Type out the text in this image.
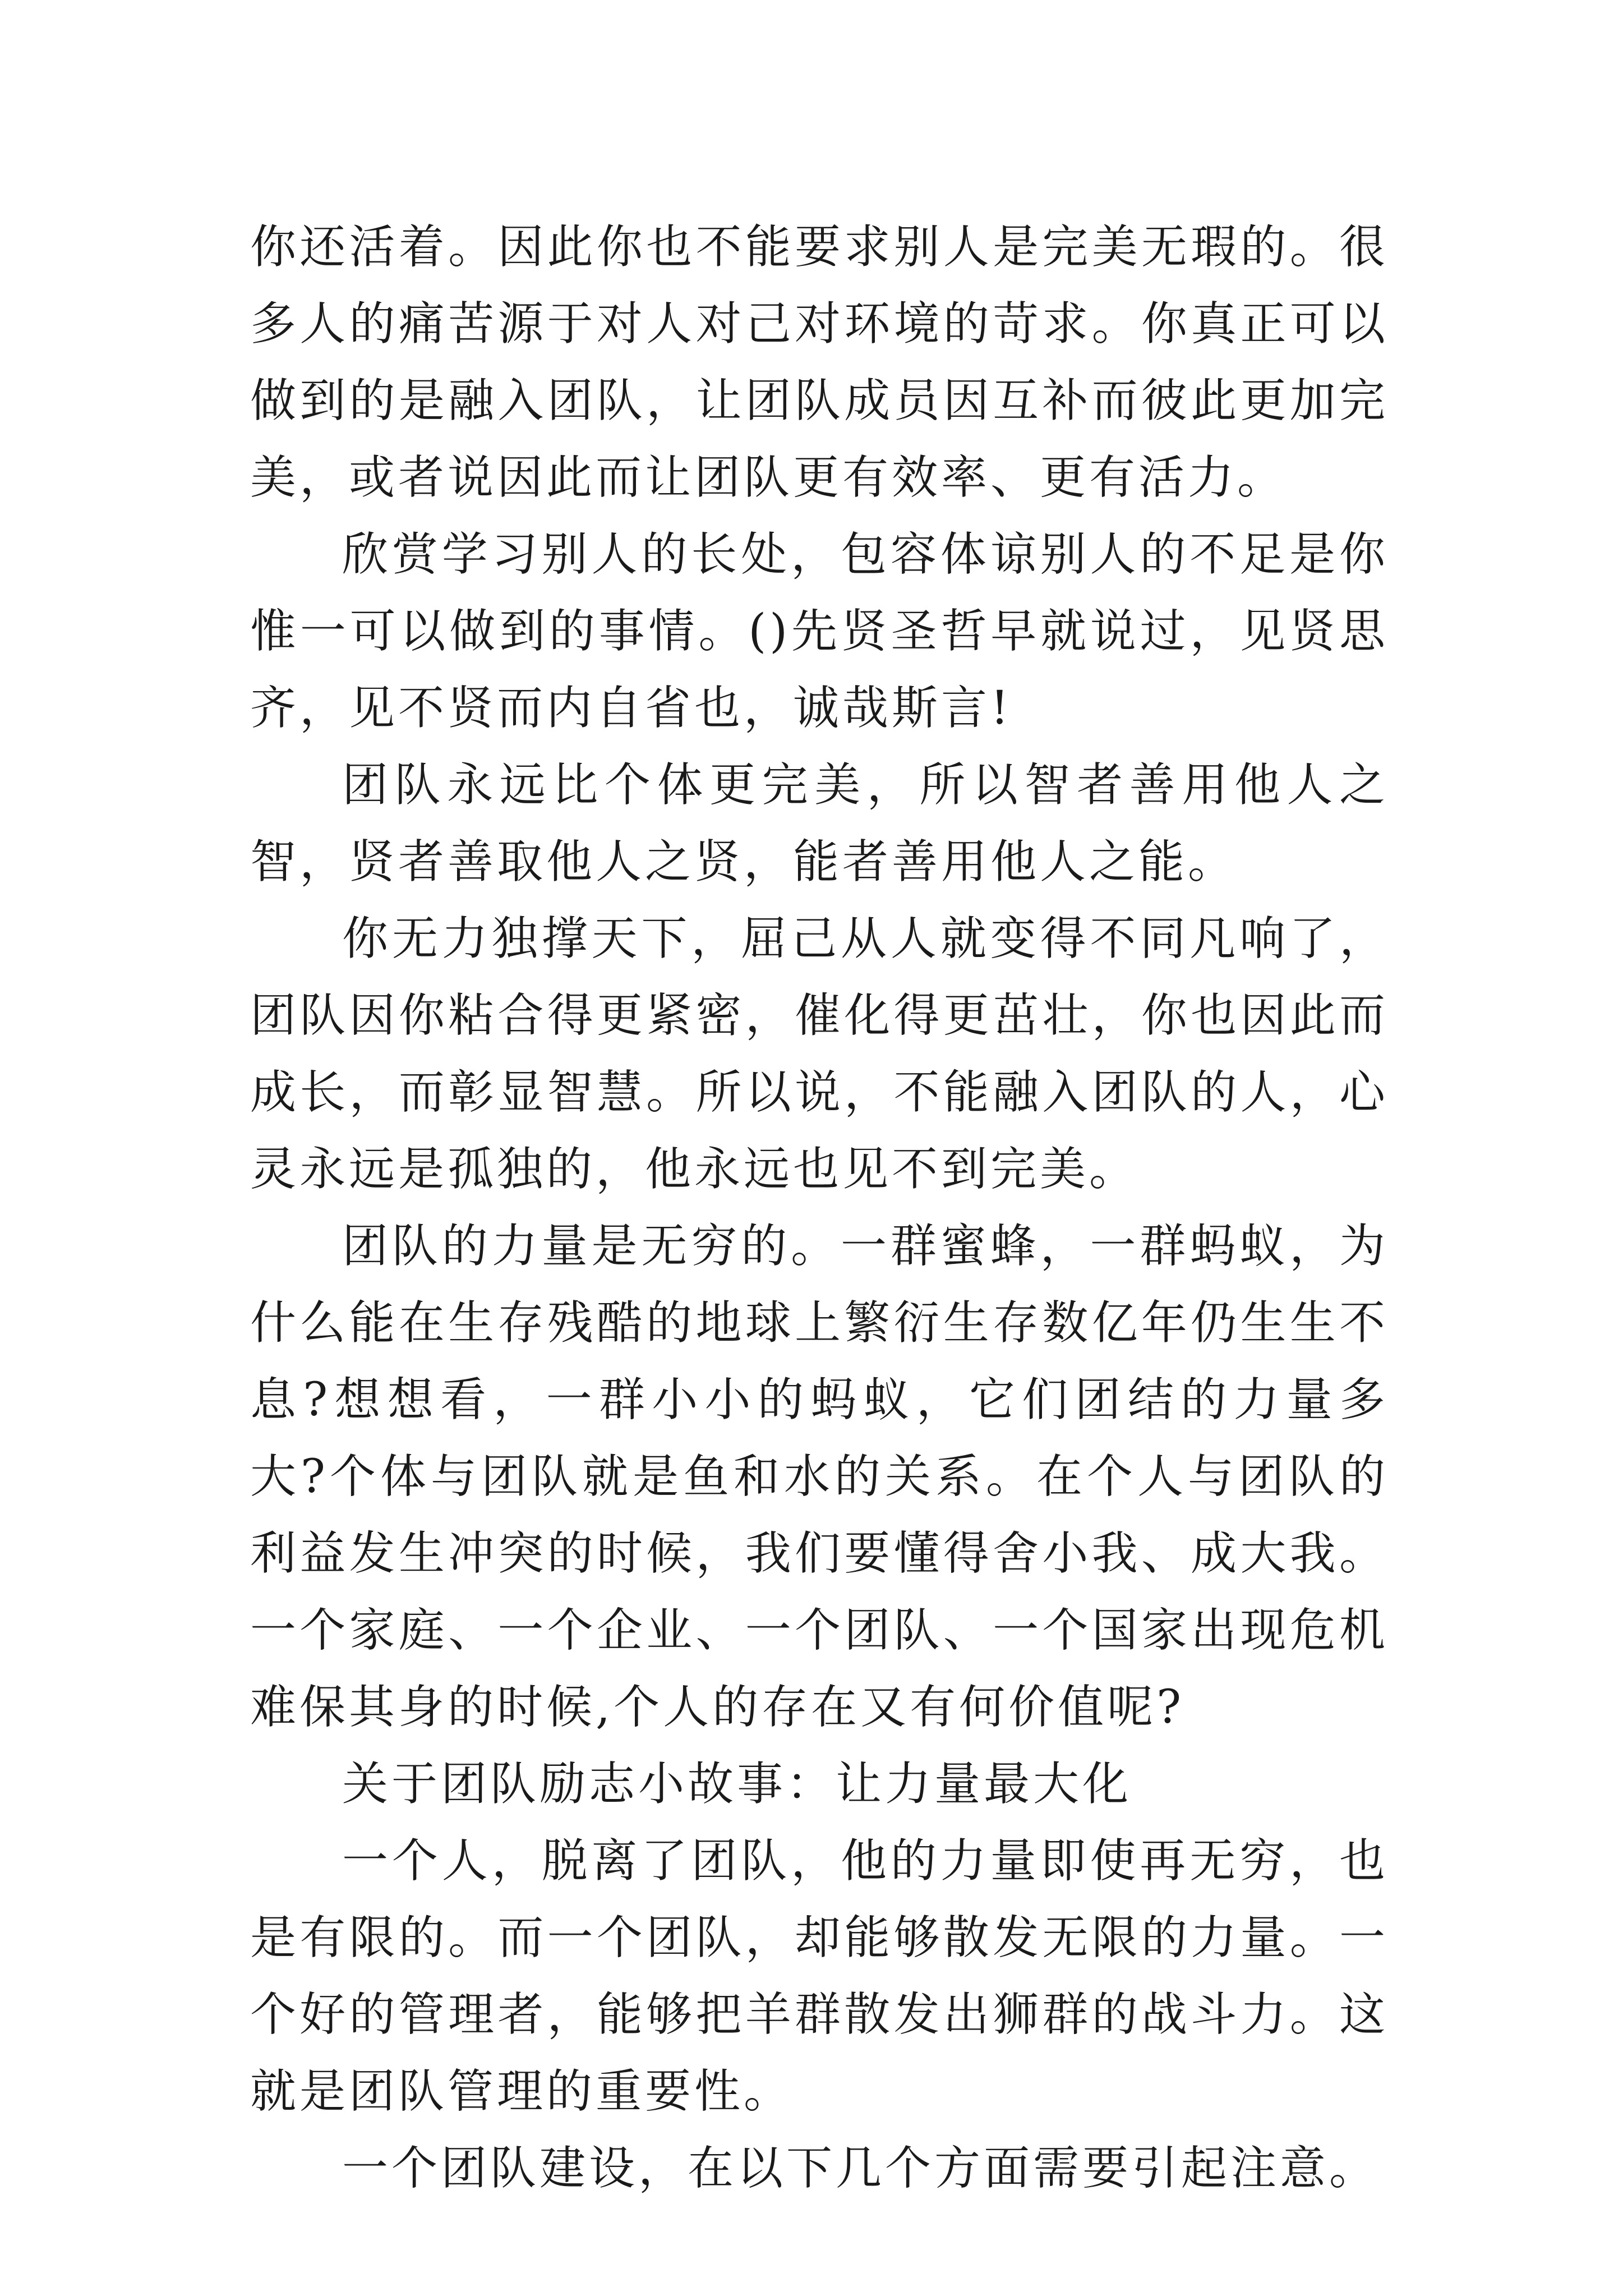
你还活着。因此你也不能要求别人是完美无瑕的。很多人的痛苦源于对人对己对环境的苛求。你真正可以做到的是融入团队，让团队成员因互补而彼此更加完美，或者说因此而让团队更有效率、更有活力。

欣赏学习别人的长处，包容体谅别人的不足是你惟一可以做到的事情。()先贤圣哲早就说过，见贤思齐，见不贤而内自省也，诚哉斯言!

团队永远比个体更完美，所以智者善用他人之智，贤者善取他人之贤，能者善用他人之能。

你无力独撑天下，屈己从人就变得不同凡响了，团队因你粘合得更紧密，催化得更茁壮，你也因此而成长，而彰显智慧。所以说，不能融入团队的人，心灵永远是孤独的，他永远也见不到完美。

团队的力量是无穷的。一群蜜蜂，一群蚂蚁，为什么能在生存残酷的地球上繁衍生存数亿年仍生生不息?想想看，一群小小的蚂蚁，它们团结的力量多大?个体与团队就是鱼和水的关系。在个人与团队的利益发生冲突的时候，我们要懂得舍小我、成大我。一个家庭、一个企业、一个团队、一个国家出现危机难保其身的时候,个人的存在又有何价值呢?

关于团队励志小故事：让力量最大化

一个人，脱离了团队，他的力量即使再无穷，也是有限的。而一个团队，却能够散发无限的力量。一个好的管理者，能够把羊群散发出狮群的战斗力。这就是团队管理的重要性。

一个团队建设，在以下几个方面需要引起注意。
